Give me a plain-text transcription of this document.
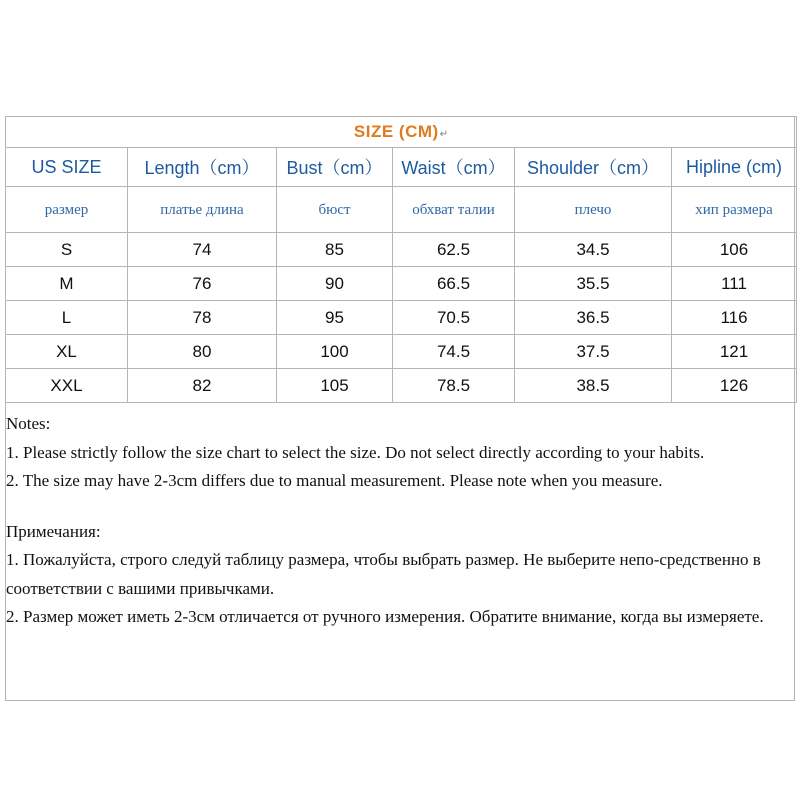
SIZE (CM)↵					
US SIZE	Length（cm）	Bust（cm）	Waist（cm）	Shoulder（cm）	Hipline (cm)
размер	платье длина	бюст	обхват талии	плечо	хип размера
S	74	85	62.5	34.5	106
M	76	90	66.5	35.5	111
L	78	95	70.5	36.5	116
XL	80	100	74.5	37.5	121
XXL	82	105	78.5	38.5	126

Notes:

1. Please strictly follow the size chart to select the size. Do not select directly according to your habits.

2. The size may have 2-3cm differs due to manual measurement. Please note when you measure.

Примечания:

1. Пожалуйста, строго следуй таблицу размера, чтобы выбрать размер. Не выберите непо-средственно в соответствии с вашими привычками.

2. Размер может иметь 2-3см отличается от ручного измерения. Обратите внимание, когда вы измеряете.
